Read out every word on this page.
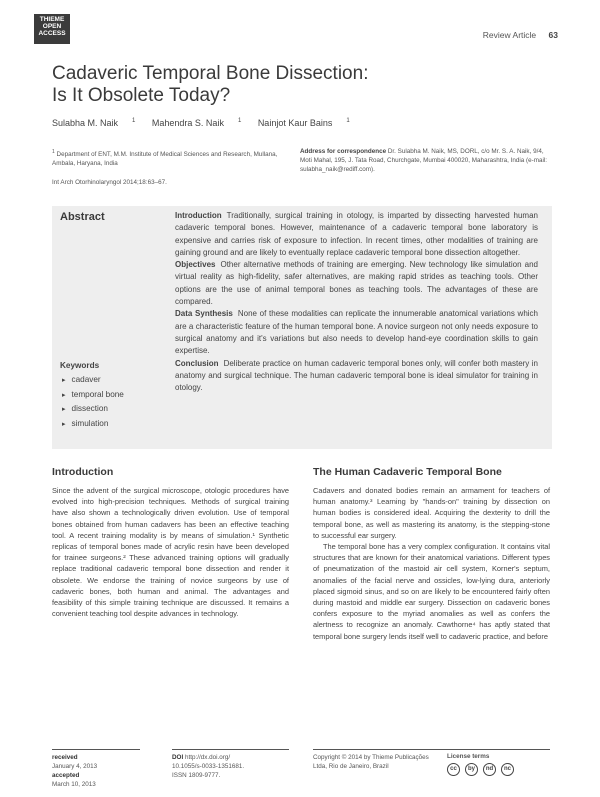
THIEME
OPEN
ACCESS	Review Article 63
Cadaveric Temporal Bone Dissection:
Is It Obsolete Today?
Sulabha M. Naik $^1$ Mahendra S. Naik $^1$ Nainjot Kaur Bains $^1$
$^1$ Department of ENT, M.M. Institute of Medical Sciences and Research, Mullana, Ambala, Haryana, India
Int Arch Otorhinolaryngol 2014;18:63–67.
Address for correspondence Dr. Sulabha M. Naik, MS, DORL, c/o Mr. S. A. Naik, 9/4, Moti Mahal, 195, J. Tata Road, Churchgate, Mumbai 400020, Maharashtra, India (e-mail: sulabha_naik@rediff.com).
Abstract	Introduction Traditionally, surgical training in otology, is imparted by dissecting harvested human cadaveric temporal bones. However, maintenance of a cadaveric temporal bone laboratory is expensive and carries risk of exposure to infection. In recent times, other modalities of training are gaining ground and are likely to eventually replace cadaveric temporal bone dissection altogether.

Objectives Other alternative methods of training are emerging. New technology like simulation and virtual reality as high-fidelity, safer alternatives, are making rapid strides as teaching tools. Other options are the use of animal temporal bones as teaching tools. The advantages of these are compared.

Data Synthesis None of these modalities can replicate the innumerable anatomical variations which are a characteristic feature of the human temporal bone. A novice surgeon not only needs exposure to surgical anatomy and it's variations but also needs to develop hand-eye coordination skills to gain expertise.

Conclusion Deliberate practice on human cadaveric temporal bones only, will confer both mastery in anatomy and surgical technique. The human cadaveric temporal bone is ideal simulator for training in otology.

Keywords
▸ cadaver
▸ temporal bone
▸ dissection
▸ simulation
Introduction

Since the advent of the surgical microscope, otologic procedures have evolved into high-precision techniques. Methods of surgical training have also shown a technologically driven evolution. Use of temporal bones obtained from human cadavers has been an effective teaching tool. A recent training modality is by means of simulation.¹ Synthetic replicas of temporal bones made of acrylic resin have been developed for trainee surgeons.² These advanced training options will gradually replace traditional cadaveric temporal bone dissection and render it obsolete. We endorse the training of novice surgeons by use of cadaveric bones, both human and animal. The advantages and feasibility of this simple training technique are discussed. It remains a convenient teaching tool despite advances in technology.

The Human Cadaveric Temporal Bone

Cadavers and donated bodies remain an armament for teachers of human anatomy.³ Learning by "hands-on" training by dissection on human bodies is considered ideal. Acquiring the dexterity to drill the temporal bone, as well as mastering its anatomy, is the stepping-stone to successful ear surgery.

The temporal bone has a very complex configuration. It contains vital structures that are known for their anatomical variations. Different types of pneumatization of the mastoid air cell system, Korner's septum, anomalies of the facial nerve and ossicles, low-lying dura, anteriorly placed sigmoid sinus, and so on are likely to be encountered fairly often during mastoid and middle ear surgery. Dissection on cadaveric bones confers exposure to the myriad anomalies as well as confers the alertness to recognize an anomaly. Cawthorne⁴ has aptly stated that temporal bone surgery lends itself well to cadaveric practice, and before

received
January 4, 2013
accepted
March 10, 2013
DOI http://dx.doi.org/
10.1055/s-0033-1351681.
ISSN 1809-9777.
Copyright © 2014 by Thieme Publicações Ltda, Rio de Janeiro, Brazil
License terms
cc	by	nd	nc
